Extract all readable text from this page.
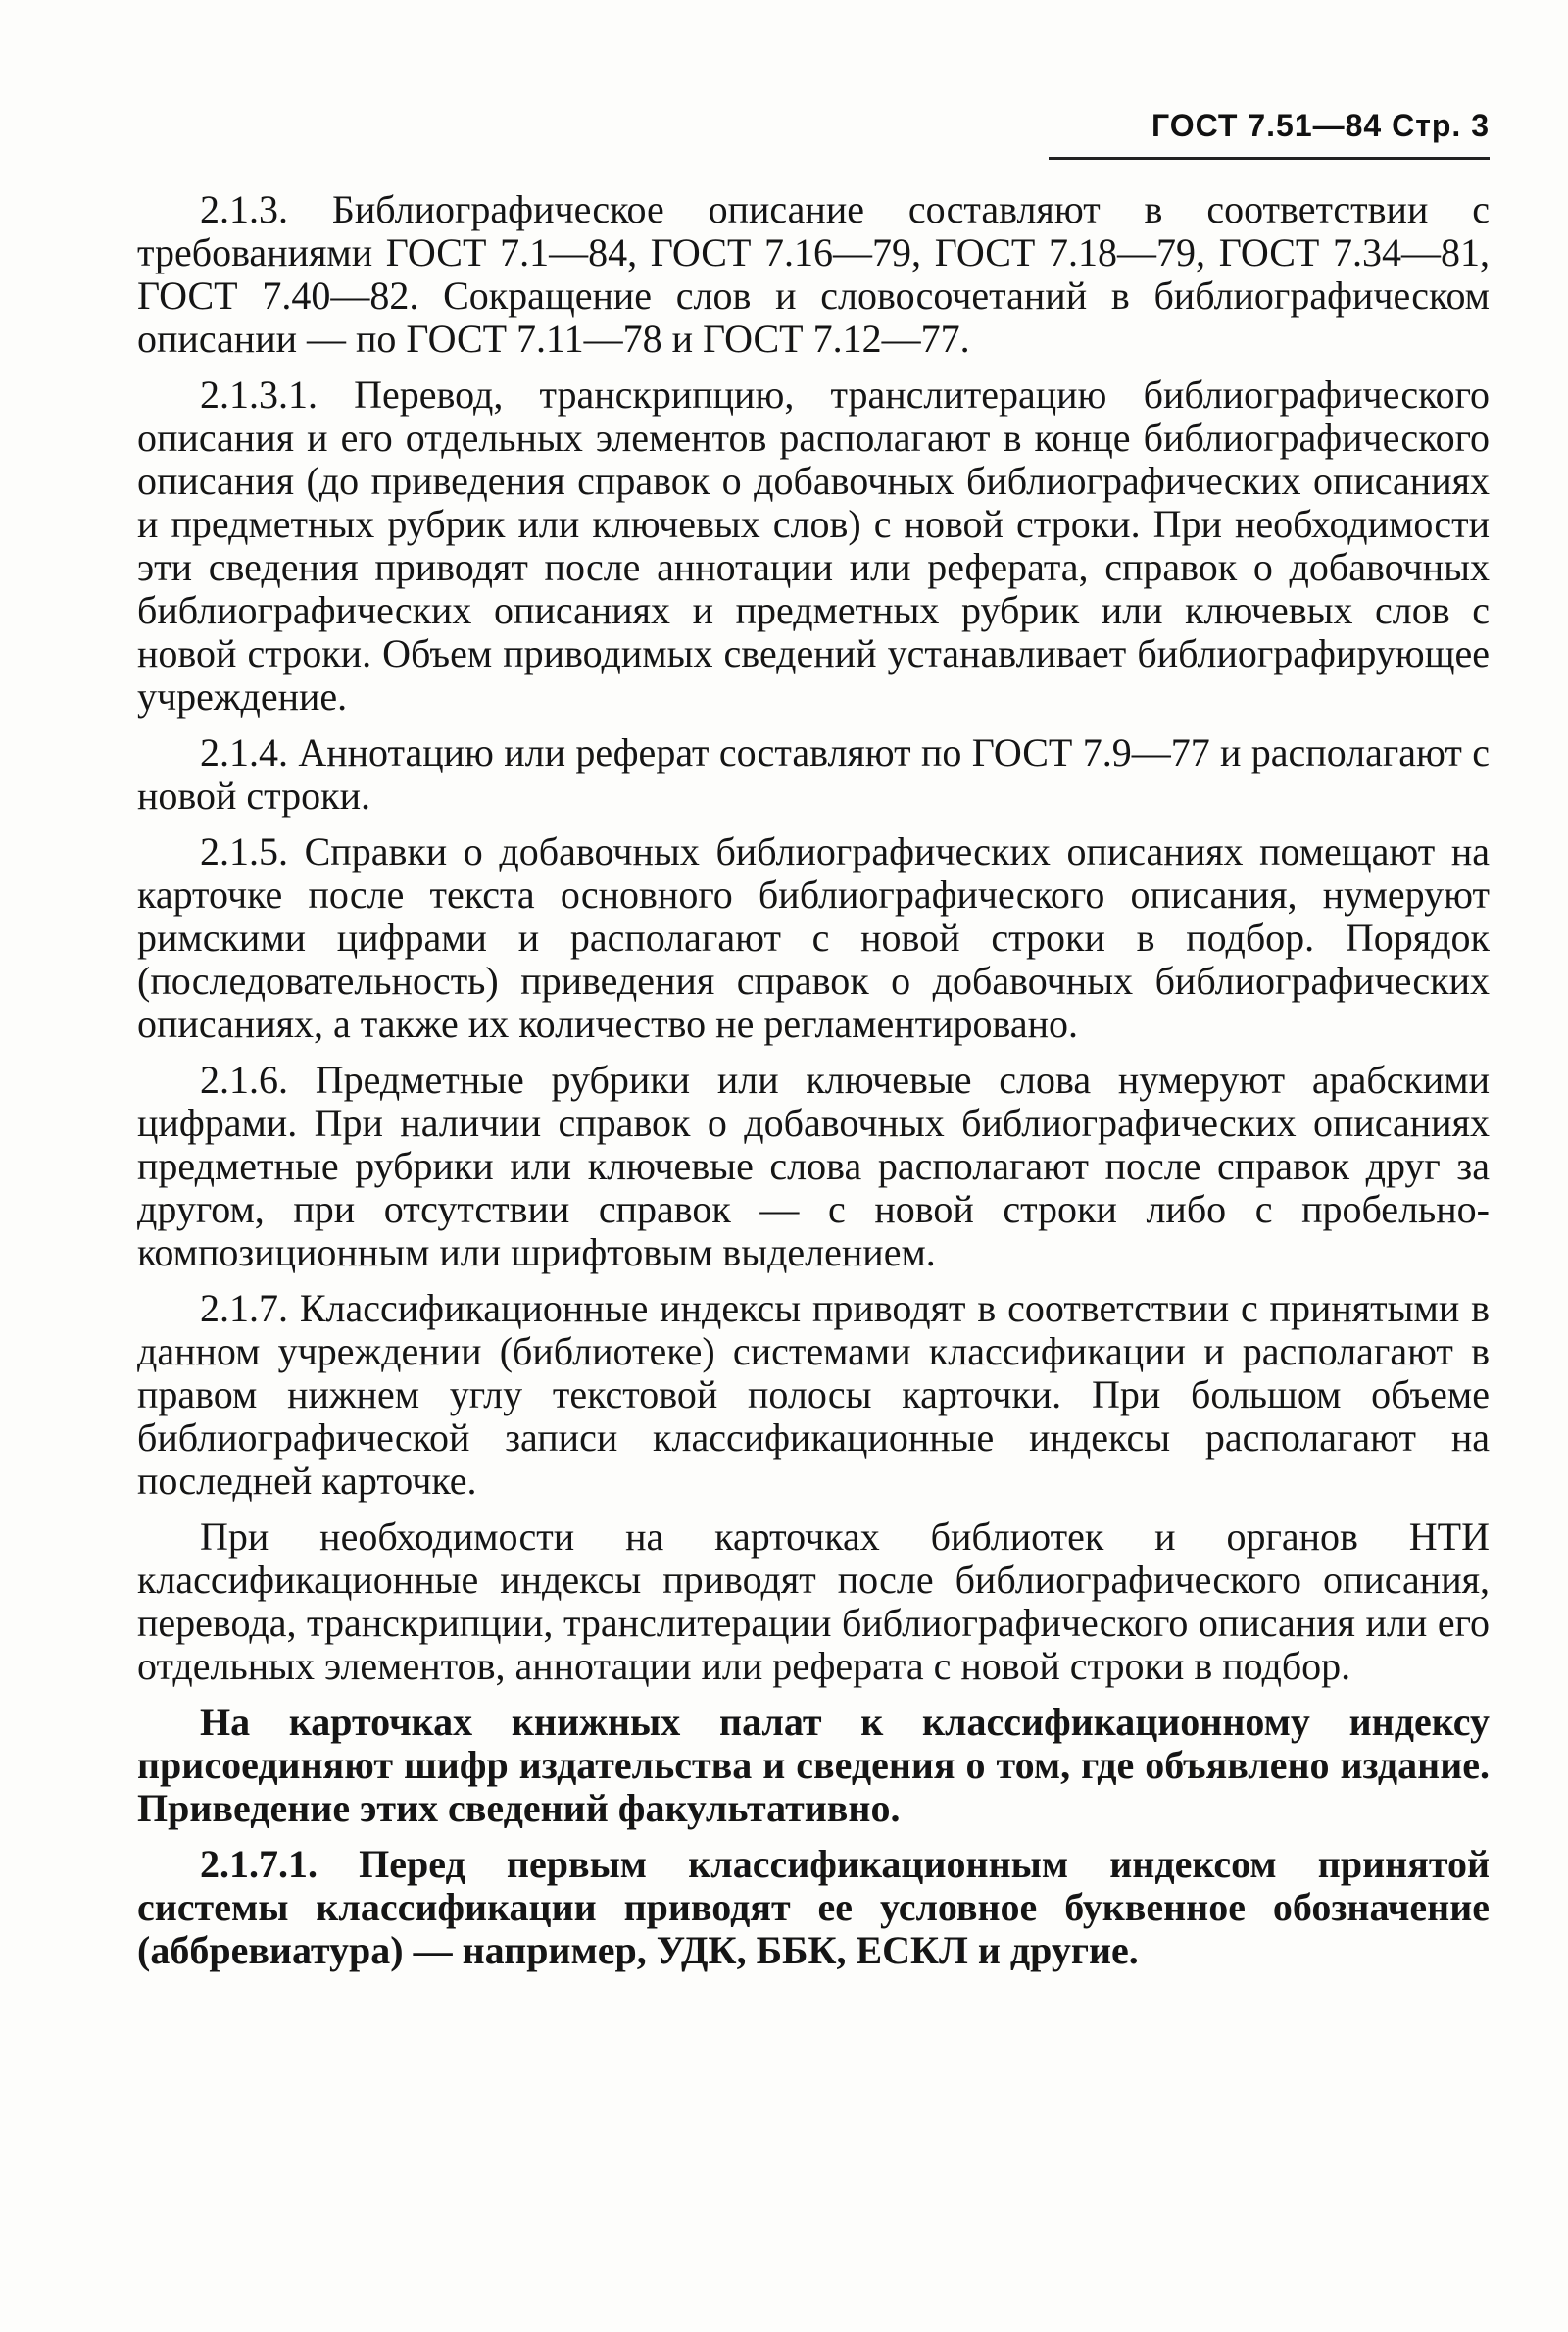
ГОСТ 7.51—84 Стр. 3

2.1.3. Библиографическое описание составляют в соответствии с требованиями ГОСТ 7.1—84, ГОСТ 7.16—79, ГОСТ 7.18—79, ГОСТ 7.34—81, ГОСТ 7.40—82. Сокращение слов и словосочетаний в библиографическом описании — по ГОСТ 7.11—78 и ГОСТ 7.12—77.

2.1.3.1. Перевод, транскрипцию, транслитерацию библиографического описания и его отдельных элементов располагают в конце библиографического описания (до приведения справок о добавочных библиографических описаниях и предметных рубрик или ключевых слов) с новой строки. При необходимости эти сведения приводят после аннотации или реферата, справок о добавочных библиографических описаниях и предметных рубрик или ключевых слов с новой строки. Объем приводимых сведений устанавливает библиографирующее учреждение.

2.1.4. Аннотацию или реферат составляют по ГОСТ 7.9—77 и располагают с новой строки.

2.1.5. Справки о добавочных библиографических описаниях помещают на карточке после текста основного библиографического описания, нумеруют римскими цифрами и располагают с новой строки в подбор. Порядок (последовательность) приведения справок о добавочных библиографических описаниях, а также их количество не регламентировано.

2.1.6. Предметные рубрики или ключевые слова нумеруют арабскими цифрами. При наличии справок о добавочных библиографических описаниях предметные рубрики или ключевые слова располагают после справок друг за другом, при отсутствии справок — с новой строки либо с пробельно-композиционным или шрифтовым выделением.

2.1.7. Классификационные индексы приводят в соответствии с принятыми в данном учреждении (библиотеке) системами классификации и располагают в правом нижнем углу текстовой полосы карточки. При большом объеме библиографической записи классификационные индексы располагают на последней карточке.

При необходимости на карточках библиотек и органов НТИ классификационные индексы приводят после библиографического описания, перевода, транскрипции, транслитерации библиографического описания или его отдельных элементов, аннотации или реферата с новой строки в подбор.

На карточках книжных палат к классификационному индексу присоединяют шифр издательства и сведения о том, где объявлено издание. Приведение этих сведений факультативно.

2.1.7.1. Перед первым классификационным индексом принятой системы классификации приводят ее условное буквенное обозначение (аббревиатура) — например, УДК, ББК, ЕСКЛ и другие.
